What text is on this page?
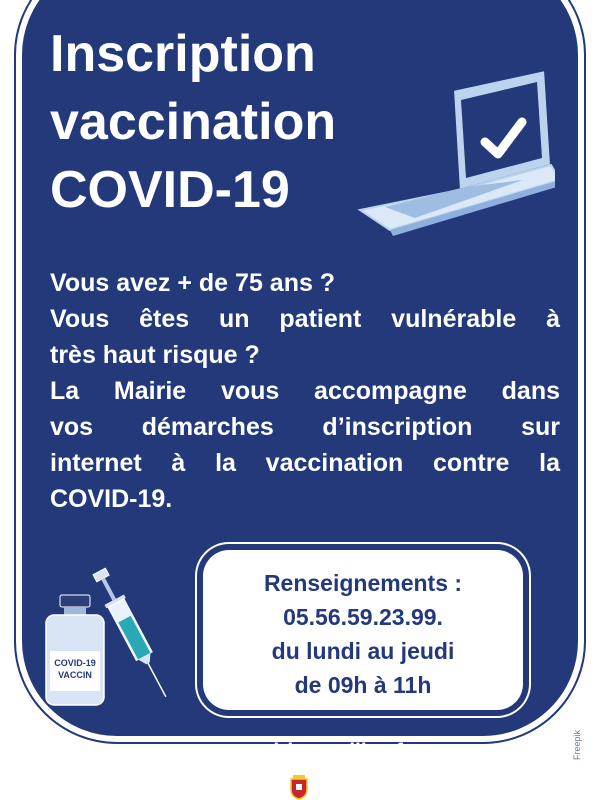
Inscription
vaccination
COVID-19
Vous avez + de 75 ans ?
Vous êtes un patient vulnérable à
très haut risque ?
La Mairie vous accompagne dans
vos démarches d’inscription sur
internet à la vaccination contre la
COVID-19.
COVID-19
VACCIN
Renseignements :
05.56.59.23.99.
du lundi au jeudi
de 09h à 11h
www.mairie-pauillac.fr	Freepik
